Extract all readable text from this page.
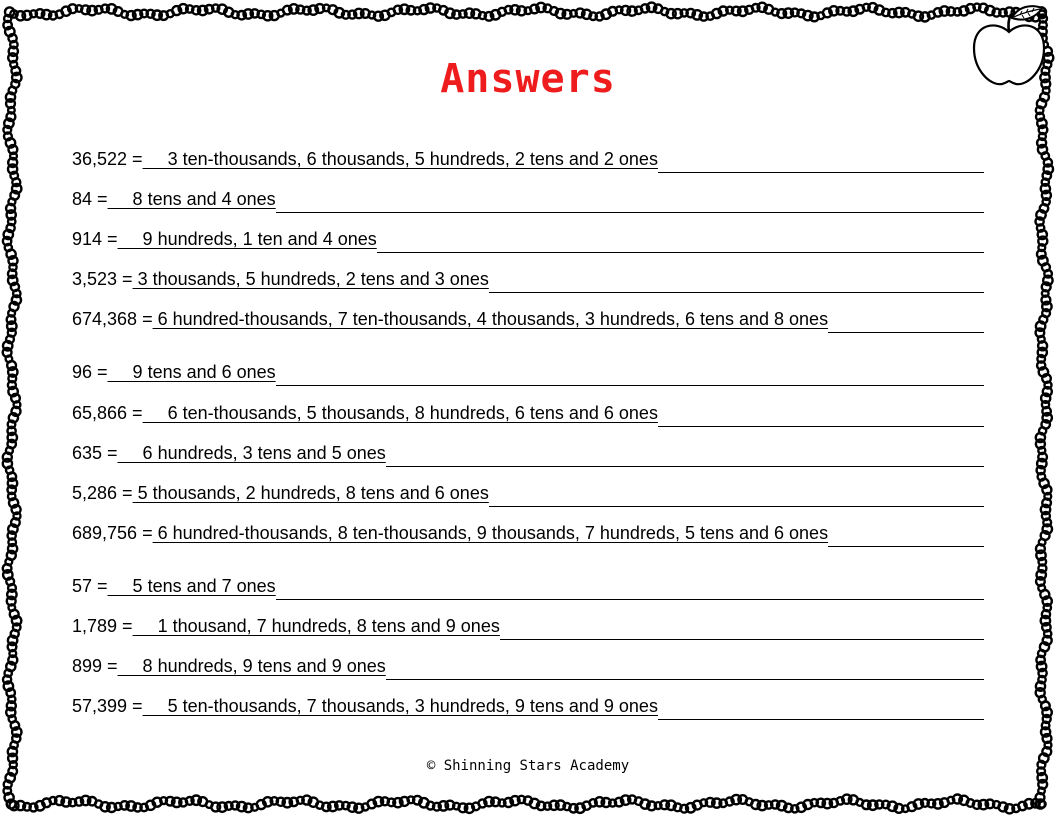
Answers
36,522 =     3 ten-thousands, 6 thousands, 5 hundreds, 2 tens and 2 ones
84 =     8 tens and 4 ones
914 =     9 hundreds, 1 ten and 4 ones
3,523 = 3 thousands, 5 hundreds, 2 tens and 3 ones
674,368 = 6 hundred-thousands, 7 ten-thousands, 4 thousands, 3 hundreds, 6 tens and 8 ones
96 =     9 tens and 6 ones
65,866 =     6 ten-thousands, 5 thousands, 8 hundreds, 6 tens and 6 ones
635 =     6 hundreds, 3 tens and 5 ones
5,286 = 5 thousands, 2 hundreds, 8 tens and 6 ones
689,756 = 6 hundred-thousands, 8 ten-thousands, 9 thousands, 7 hundreds, 5 tens and 6 ones
57 =     5 tens and 7 ones
1,789 =     1 thousand, 7 hundreds, 8 tens and 9 ones
899 =     8 hundreds, 9 tens and 9 ones
57,399 =     5 ten-thousands, 7 thousands, 3 hundreds, 9 tens and 9 ones
© Shinning Stars Academy
